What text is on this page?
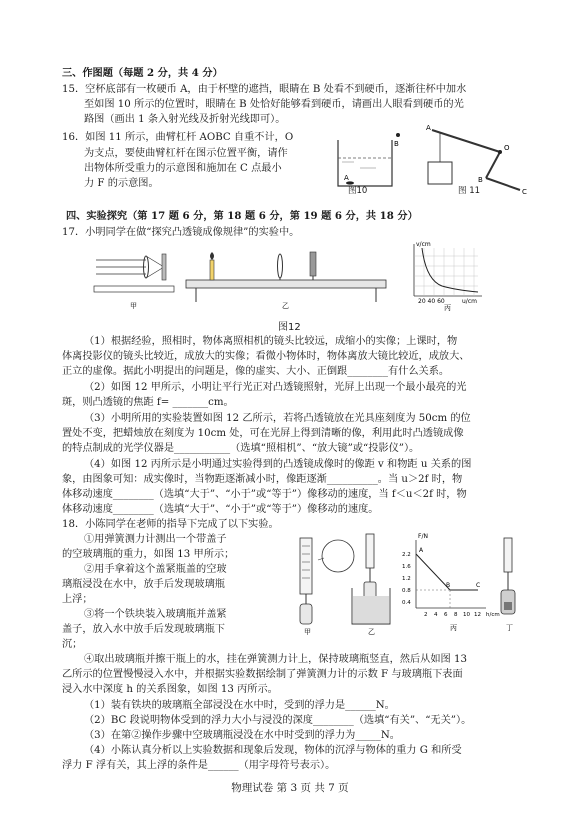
三、作图题（每题 2 分，共 4 分）
15．空杯底部有一枚硬币 A，由于杯壁的遮挡，眼睛在 B 处看不到硬币，逐渐往杯中加水
至如图 10 所示的位置时，眼睛在 B 处恰好能够看到硬币，请画出人眼看到硬币的光
路图（画出 1 条入射光线及折射光线即可）。
16．如图 11 所示，曲臂杠杆 AOBC 自重不计，O
为支点，要使曲臂杠杆在图示位置平衡，请作
出物体所受重力的示意图和施加在 C 点最小
力 F 的示意图。	A
B
图10
A
O
B
C
图 11
四、实验探究（第 17 题 6 分，第 18 题 6 分，第 19 题 6 分，共 18 分）
17．小明同学在做“探究凸透镜成像规律”的实验中。
甲	乙
v/cm
20 40 60	u/cm
丙
图12
（1）根据经验，照相时，物体离照相机的镜头比较远，成缩小的实像；上课时，物
体离投影仪的镜头比较近，成放大的实像；看微小物体时，物体离放大镜比较近，成放大、
正立的虚像。据此小明提出的问题是，像的虚实、大小、正倒跟________有什么关系。
（2）如图 12 甲所示，小明让平行光正对凸透镜照射，光屏上出现一个最小最亮的光
斑，则凸透镜的焦距 f= _______cm。
（3）小明所用的实验装置如图 12 乙所示，若将凸透镜放在光具座刻度为 50cm 的位
置处不变，把蜡烛放在刻度为 10cm 处，可在光屏上得到清晰的像，利用此时凸透镜成像
的特点制成的光学仪器是___________（选填“照相机”、“放大镜”或“投影仪”）。
（4）如图 12 丙所示是小明通过实验得到的凸透镜成像时的像距 v 和物距 u 关系的图
象，由图象可知：成实像时，当物距逐渐减小时，像距逐渐__________。当 u＞2f 时，物
体移动速度________（选填“大于”、“小于”或“等于”）像移动的速度，当 f＜u＜2f 时，物
体移动速度________（选填“大于”、“小于”或“等于”）像移动的速度。
18．小陈同学在老师的指导下完成了以下实验。
①用弹簧测力计测出一个带盖子
的空玻璃瓶的重力，如图 13 甲所示；
②用手拿着这个盖紧瓶盖的空玻
璃瓶浸没在水中，放手后发现玻璃瓶
上浮；
③将一个铁块装入玻璃瓶并盖紧
盖子，放入水中放手后发现玻璃瓶下
沉；
甲	乙
F/N
2.2
1.6
1.2
0.8
0.4
2 4 6 8 10 12 h/cm
A
B	C
丙	丁
④取出玻璃瓶并擦干瓶上的水，挂在弹簧测力计上，保持玻璃瓶竖直，然后从如图 13
乙所示的位置慢慢浸入水中，并根据实验数据绘制了弹簧测力计的示数 F 与玻璃瓶下表面
浸入水中深度 h 的关系图象，如图 13 丙所示。
（1）装有铁块的玻璃瓶全部浸没在水中时，受到的浮力是______N。
（2）BC 段说明物体受到的浮力大小与浸没的深度________（选填“有关”、“无关”）。
（3）在第②操作步骤中空玻璃瓶浸没在水中时受到的浮力为_____N。
（4）小陈认真分析以上实验数据和现象后发现，物体的沉浮与物体的重力 G 和所受
浮力 F 浮有关，其上浮的条件是______（用字母符号表示）。
物理试卷 第 3 页 共 7 页
